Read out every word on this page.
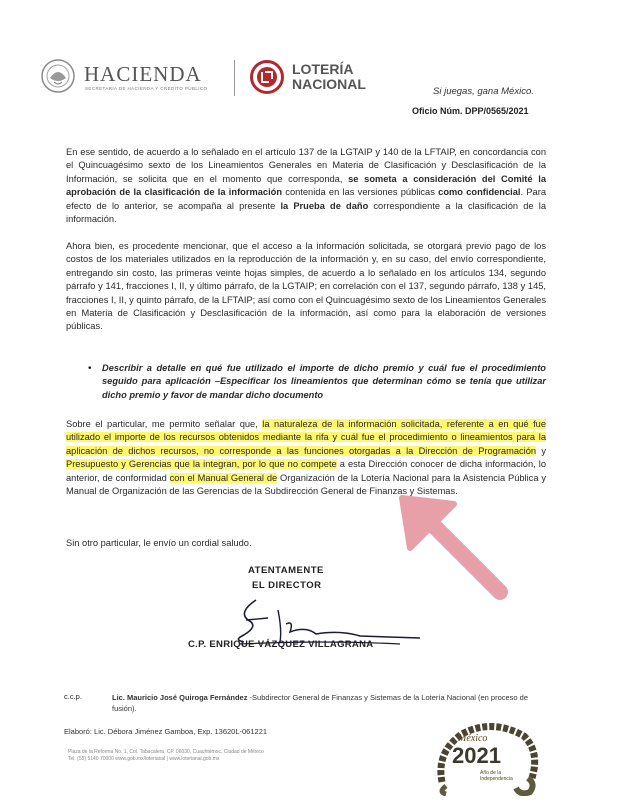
HACIENDA
SECRETARÍA DE HACIENDA Y CRÉDITO PÚBLICO
LOTERÍA
NACIONAL	Si juegas, gana México.
Oficio Núm. DPP/0565/2021
En ese sentido, de acuerdo a lo señalado en el artículo 137 de la LGTAIP y 140 de la LFTAIP, en concordancia con el Quincuagésimo sexto de los Lineamientos Generales en Materia de Clasificación y Desclasificación de la Información, se solicita que en el momento que corresponda, se someta a consideración del Comité la aprobación de la clasificación de la información contenida en las versiones públicas como confidencial. Para efecto de lo anterior, se acompaña al presente la Prueba de daño correspondiente a la clasificación de la información.
Ahora bien, es procedente mencionar, que el acceso a la información solicitada, se otorgará previo pago de los costos de los materiales utilizados en la reproducción de la información y, en su caso, del envío correspondiente, entregando sin costo, las primeras veinte hojas simples, de acuerdo a lo señalado en los artículos 134, segundo párrafo y 141, fracciones I, II, y último párrafo, de la LGTAIP; en correlación con el 137, segundo párrafo, 138 y 145, fracciones I, II, y quinto párrafo, de la LFTAIP; así como con el Quincuagésimo sexto de los Lineamientos Generales en Materia de Clasificación y Desclasificación de la información, así como para la elaboración de versiones públicas.
• Describir a detalle en qué fue utilizado el importe de dicho premio y cuál fue el procedimiento seguido para aplicación –Especificar los lineamientos que determinan cómo se tenía que utilizar dicho premio y favor de mandar dicho documento
Sobre el particular, me permito señalar que, la naturaleza de la información solicitada, referente a en qué fue utilizado el importe de los recursos obtenidos mediante la rifa y cuál fue el procedimiento o lineamientos para la aplicación de dichos recursos, no corresponde a las funciones otorgadas a la Dirección de Programación y Presupuesto y Gerencias que la integran, por lo que no compete a esta Dirección conocer de dicha información, lo anterior, de conformidad con el Manual General de Organización de la Lotería Nacional para la Asistencia Pública y Manual de Organización de las Gerencias de la Subdirección General de Finanzas y Sistemas.
Sin otro particular, le envío un cordial saludo.
ATENTAMENTE
EL DIRECTOR
C.P. ENRIQUE VÁZQUEZ VILLAGRANA
c.c.p.	Lic. Mauricio José Quiroga Fernández -Subdirector General de Finanzas y Sistemas de la Lotería Nacional (en proceso de fusión).
Elaboró: Lic. Débora Jiménez Gamboa, Exp. 13620L-061221
Plaza de la Reforma No. 1, Col. Tabacalera, CP. 06030, Cuauhtémoc, Ciudad de México
Tel. (55) 5140 70000 www.gob.mx/loterianal | www.loterianal.gob.mx
México
2021
Año de la Independencia
